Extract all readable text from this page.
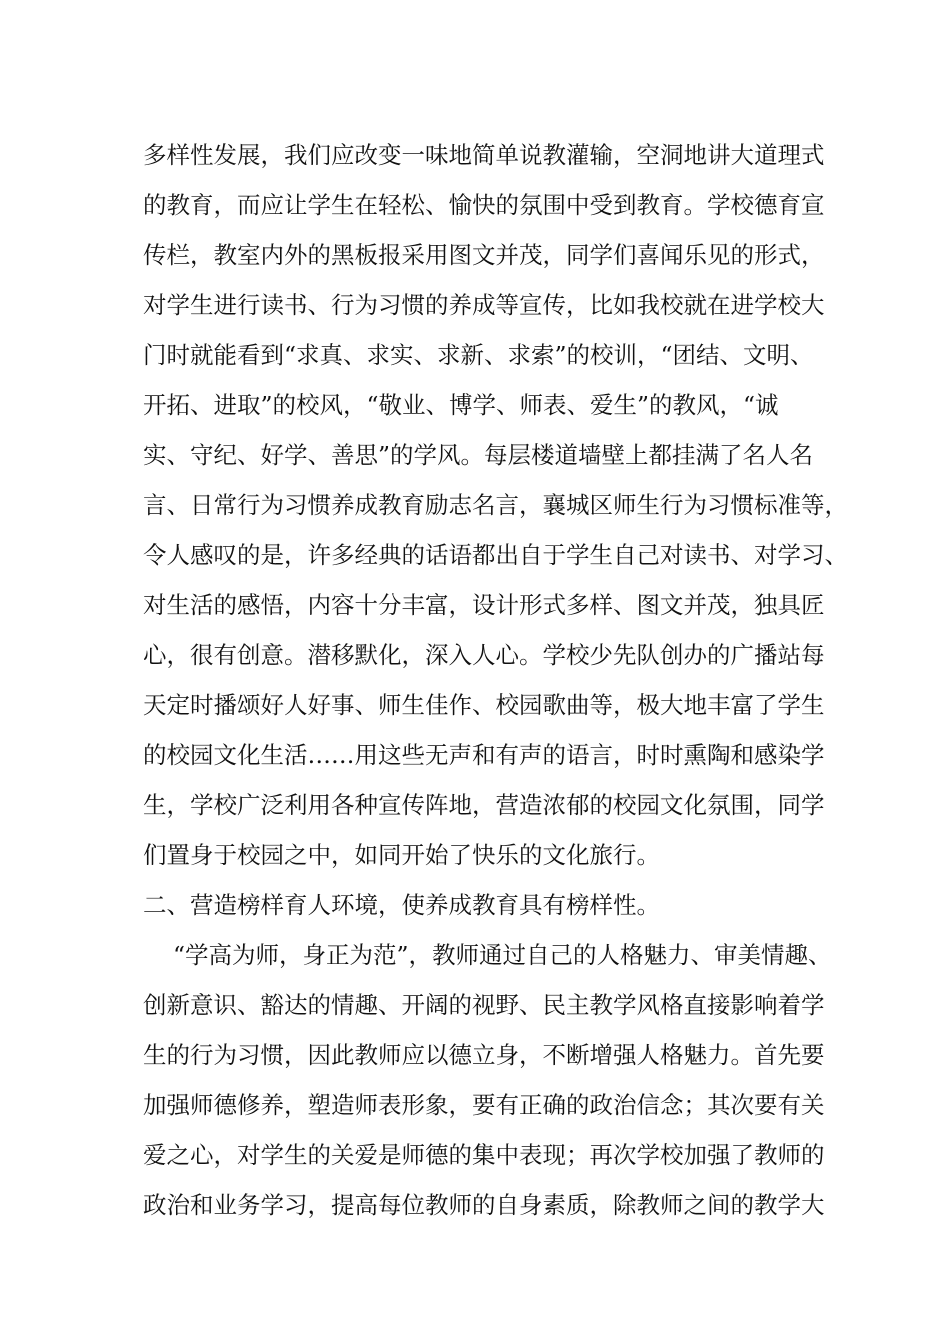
多样性发展，我们应改变一味地简单说教灌输，空洞地讲大道理式
的教育，而应让学生在轻松、愉快的氛围中受到教育。学校德育宣
传栏，教室内外的黑板报采用图文并茂，同学们喜闻乐见的形式，
对学生进行读书、行为习惯的养成等宣传，比如我校就在进学校大
门时就能看到“求真、求实、求新、求索”的校训，“团结、文明、
开拓、进取”的校风，“敬业、博学、师表、爱生”的教风，“诚
实、守纪、好学、善思”的学风。每层楼道墙壁上都挂满了名人名
言、日常行为习惯养成教育励志名言，襄城区师生行为习惯标准等，
令人感叹的是，许多经典的话语都出自于学生自己对读书、对学习、
对生活的感悟，内容十分丰富，设计形式多样、图文并茂，独具匠
心，很有创意。潜移默化，深入人心。学校少先队创办的广播站每
天定时播颂好人好事、师生佳作、校园歌曲等，极大地丰富了学生
的校园文化生活……用这些无声和有声的语言，时时熏陶和感染学
生，学校广泛利用各种宣传阵地，营造浓郁的校园文化氛围，同学
们置身于校园之中，如同开始了快乐的文化旅行。
二、营造榜样育人环境，使养成教育具有榜样性。
“学高为师，身正为范”，教师通过自己的人格魅力、审美情趣、
创新意识、豁达的情趣、开阔的视野、民主教学风格直接影响着学
生的行为习惯，因此教师应以德立身，不断增强人格魅力。首先要
加强师德修养，塑造师表形象，要有正确的政治信念；其次要有关
爱之心，对学生的关爱是师德的集中表现；再次学校加强了教师的
政治和业务学习，提高每位教师的自身素质，除教师之间的教学大
